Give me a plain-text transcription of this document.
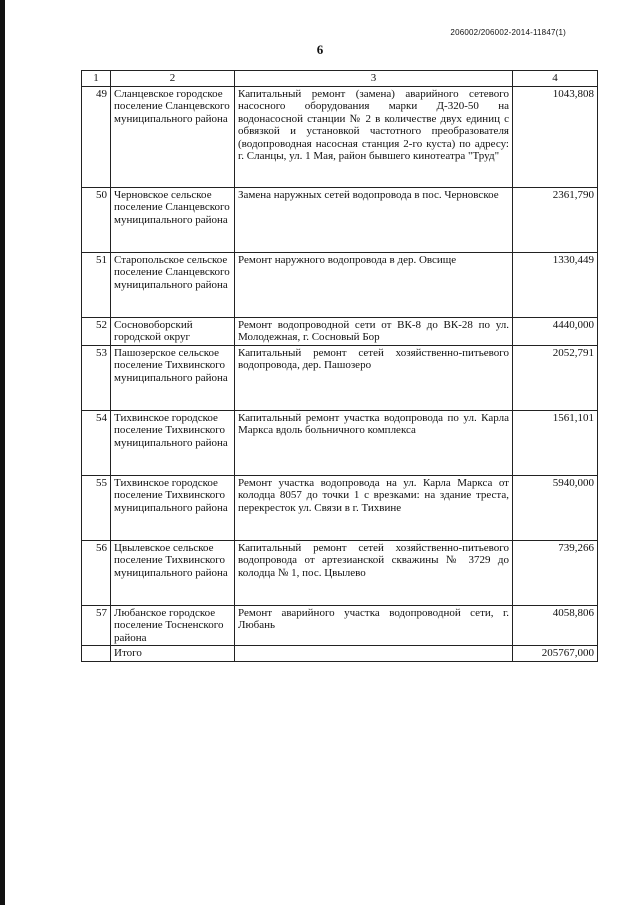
206002/206002-2014-11847(1)
6
1	2	3	4
49	Сланцевское городское поселение Сланцевского муниципального района	Капитальный ремонт (замена) аварийного сетевого насосного оборудования марки Д-320-50 на водонасосной станции № 2 в количестве двух единиц с обвязкой и установкой частотного преобразователя (водопроводная насосная станция 2-го куста) по адресу: г. Сланцы, ул. 1 Мая, район бывшего кинотеатра "Труд"	1043,808
50	Черновское сельское поселение Сланцевского муниципального района	Замена наружных сетей водопровода в пос. Черновское	2361,790
51	Старопольское сельское поселение Сланцевского муниципального района	Ремонт наружного водопровода в дер. Овсище	1330,449
52	Сосновоборский городской округ	Ремонт водопроводной сети от ВК-8 до ВК-28 по ул. Молодежная, г. Сосновый Бор	4440,000
53	Пашозерское сельское поселение Тихвинского муниципального района	Капитальный ремонт сетей хозяйственно-питьевого водопровода, дер. Пашозеро	2052,791
54	Тихвинское городское поселение Тихвинского муниципального района	Капитальный ремонт участка водопровода по ул. Карла Маркса вдоль больничного комплекса	1561,101
55	Тихвинское городское поселение Тихвинского муниципального района	Ремонт участка водопровода на ул. Карла Маркса от колодца 8057 до точки 1 с врезками: на здание треста, перекресток ул. Связи в г. Тихвине	5940,000
56	Цвылевское сельское поселение Тихвинского муниципального района	Капитальный ремонт сетей хозяйственно-питьевого водопровода от артезианской скважины № 3729 до колодца № 1, пос. Цвылево	739,266
57	Любанское городское поселение Тосненского района	Ремонт аварийного участка водопроводной сети, г. Любань	4058,806
	Итого		205767,000
